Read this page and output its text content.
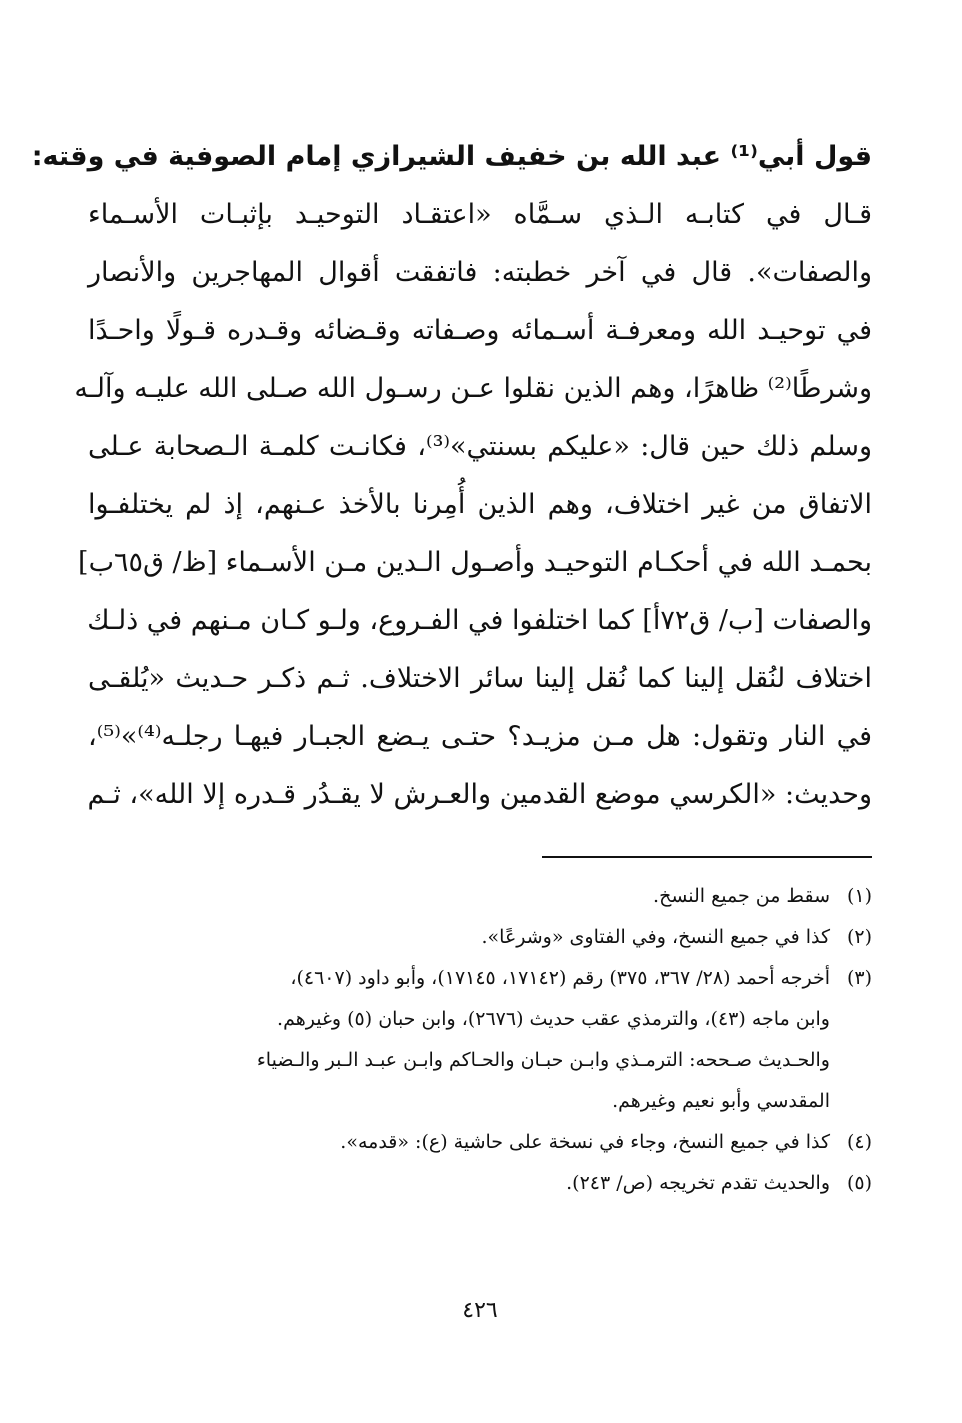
قول أبي⁽¹⁾ عبد الله بن خفيف الشيرازي إمام الصوفية في وقته:
قـال في كتابـه الـذي سـمَّاه «اعتقـاد التوحيـد بإثبـات الأسـماء
والصفات». قال في آخر خطبته: فاتفقت أقوال المهاجرين والأنصار
في توحيـد الله ومعرفـة أسـمائه وصـفاته وقـضائه وقـدره قـولًا واحـدًا
وشرطًا⁽²⁾ ظاهرًا، وهم الذين نقلوا عـن رسـول الله صـلى الله عليـه وآلـه
وسلم ذلك حين قال: «عليكم بسنتي»⁽³⁾، فكانـت كلمـة الـصحابة عـلى
الاتفاق من غير اختلاف، وهم الذين أُمِرنا بالأخذ عـنهم، إذ لم يختلفـوا
بحمـد الله في أحكـام التوحيـد وأصـول الـدين مـن الأسـماء [ظ/ ق٦٥ب]
والصفات [ب/ ق٧٢أ] كما اختلفوا في الفـروع، ولـو كـان مـنهم في ذلـك
اختلاف لنُقل إلينا كما نُقل إلينا سائر الاختلاف. ثـم ذكـر حـديث «يُلقـى
في النار وتقول: هل مـن مزيـد؟ حتـى يـضع الجبـار فيهـا رجلـه⁽⁴⁾»⁽⁵⁾،
وحديث: «الكرسي موضع القدمين والعـرش لا يقـدُر قـدره إلا الله»، ثـم
(١)
سقط من جميع النسخ.
(٢)
كذا في جميع النسخ، وفي الفتاوى «وشرعًا».
(٣)
أخرجه أحمد (٢٨/ ٣٦٧، ٣٧٥) رقم (١٧١٤٢، ١٧١٤٥)، وأبو داود (٤٦٠٧)،
وابن ماجه (٤٣)، والترمذي عقب حديث (٢٦٧٦)، وابن حبان (٥) وغيرهم.
والحـديث صـححه: الترمـذي وابـن حبـان والحـاكم وابـن عبـد الـبر والـضياء
المقدسي وأبو نعيم وغيرهم.
(٤)
كذا في جميع النسخ، وجاء في نسخة على حاشية (ع): «قدمه».
(٥)
والحديث تقدم تخريجه (ص/ ٢٤٣).
٤٢٦
